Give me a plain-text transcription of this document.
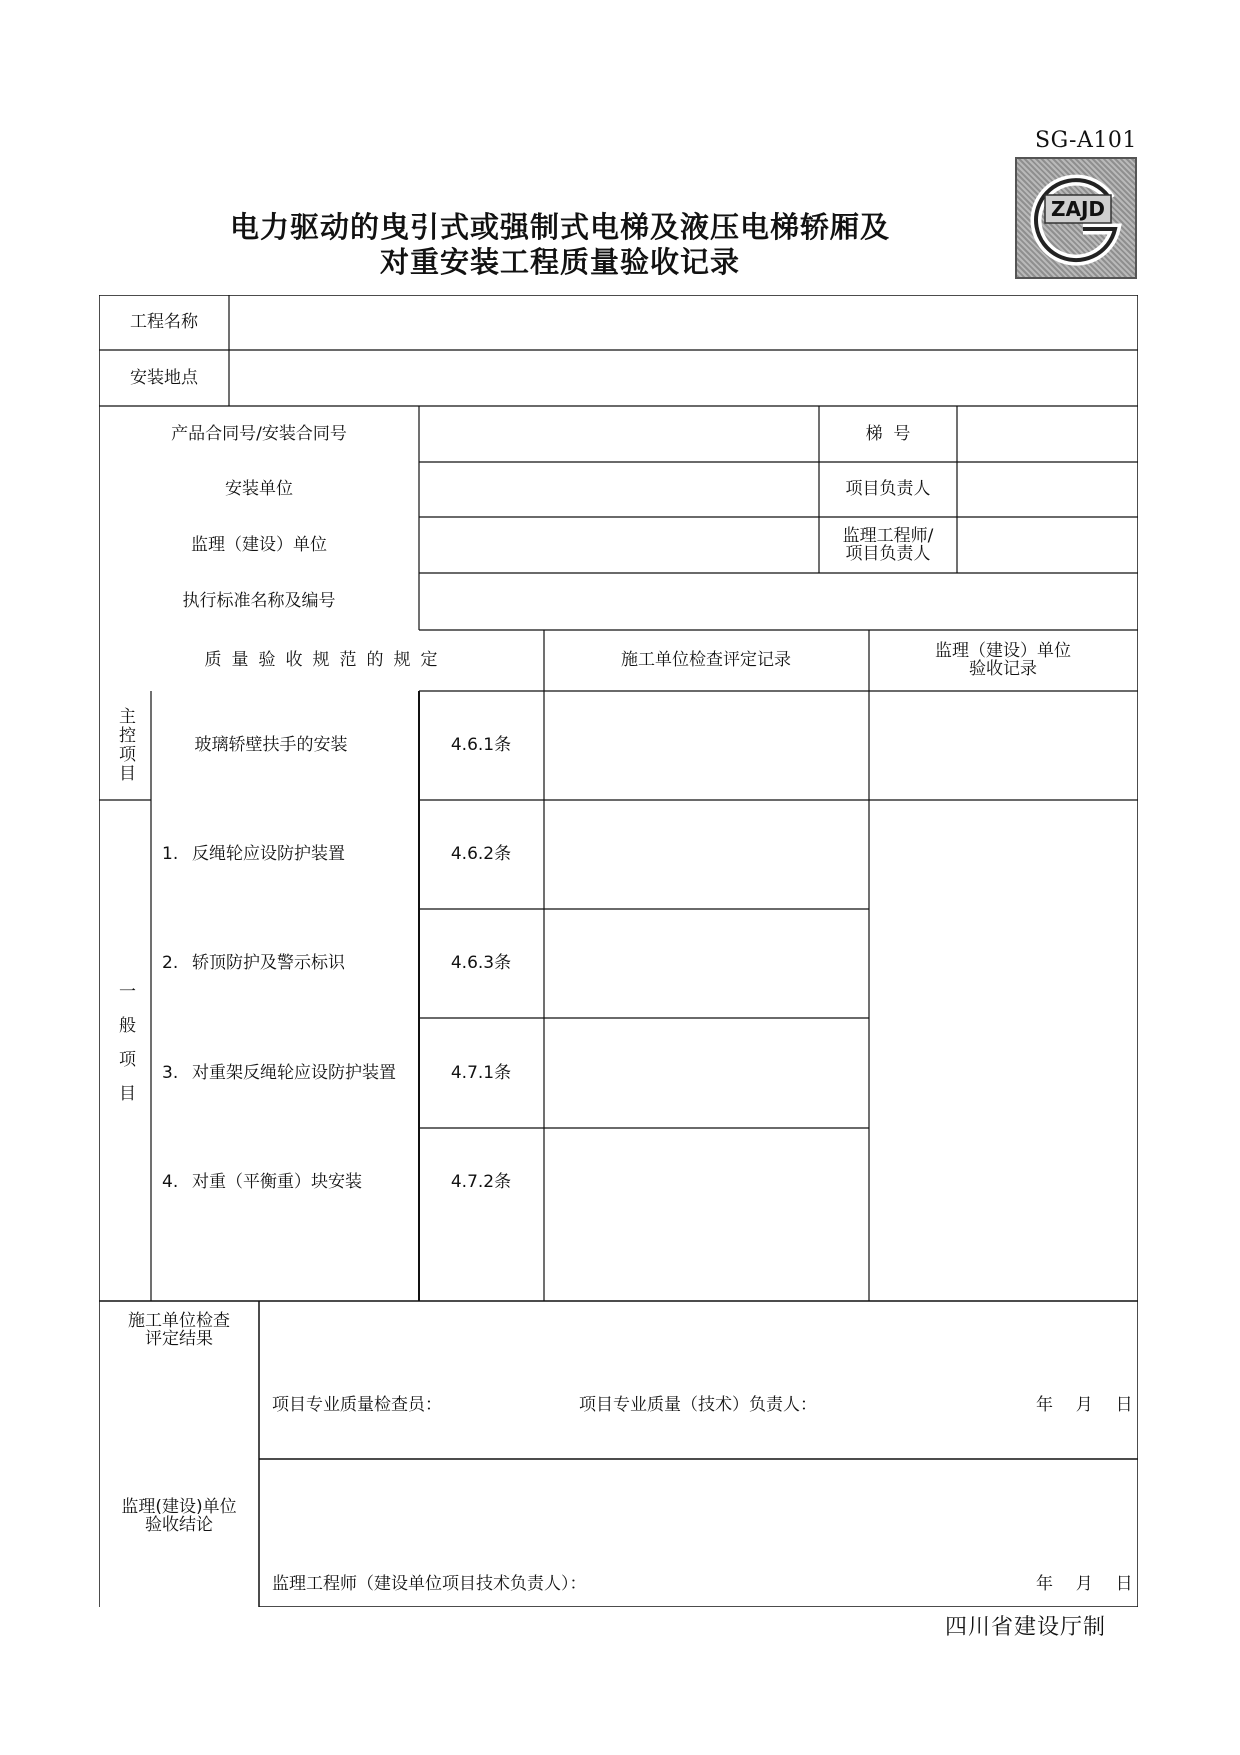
SG-A101
ZAJD
电力驱动的曳引式或强制式电梯及液压电梯轿厢及
对重安装工程质量验收记录
工程名称
安装地点
产品合同号/安装合同号	梯  号
安装单位	项目负责人
监理（建设）单位	监理工程师/
项目负责人
执行标准名称及编号
质量验收规范的规定	施工单位检查评定记录	监理（建设）单位
验收记录
主控项目	玻璃轿壁扶手的安装	4.6.1条
一般项目
1. 反绳轮应设防护装置	4.6.2条
2. 轿顶防护及警示标识	4.6.3条
3. 对重架反绳轮应设防护装置	4.7.1条
4. 对重（平衡重）块安装	4.7.2条
施工单位检查
评定结果
项目专业质量检查员：	项目专业质量（技术）负责人：	年  月  日
监理(建设)单位
验收结论
监理工程师（建设单位项目技术负责人）：	年  月  日
四川省建设厅制
